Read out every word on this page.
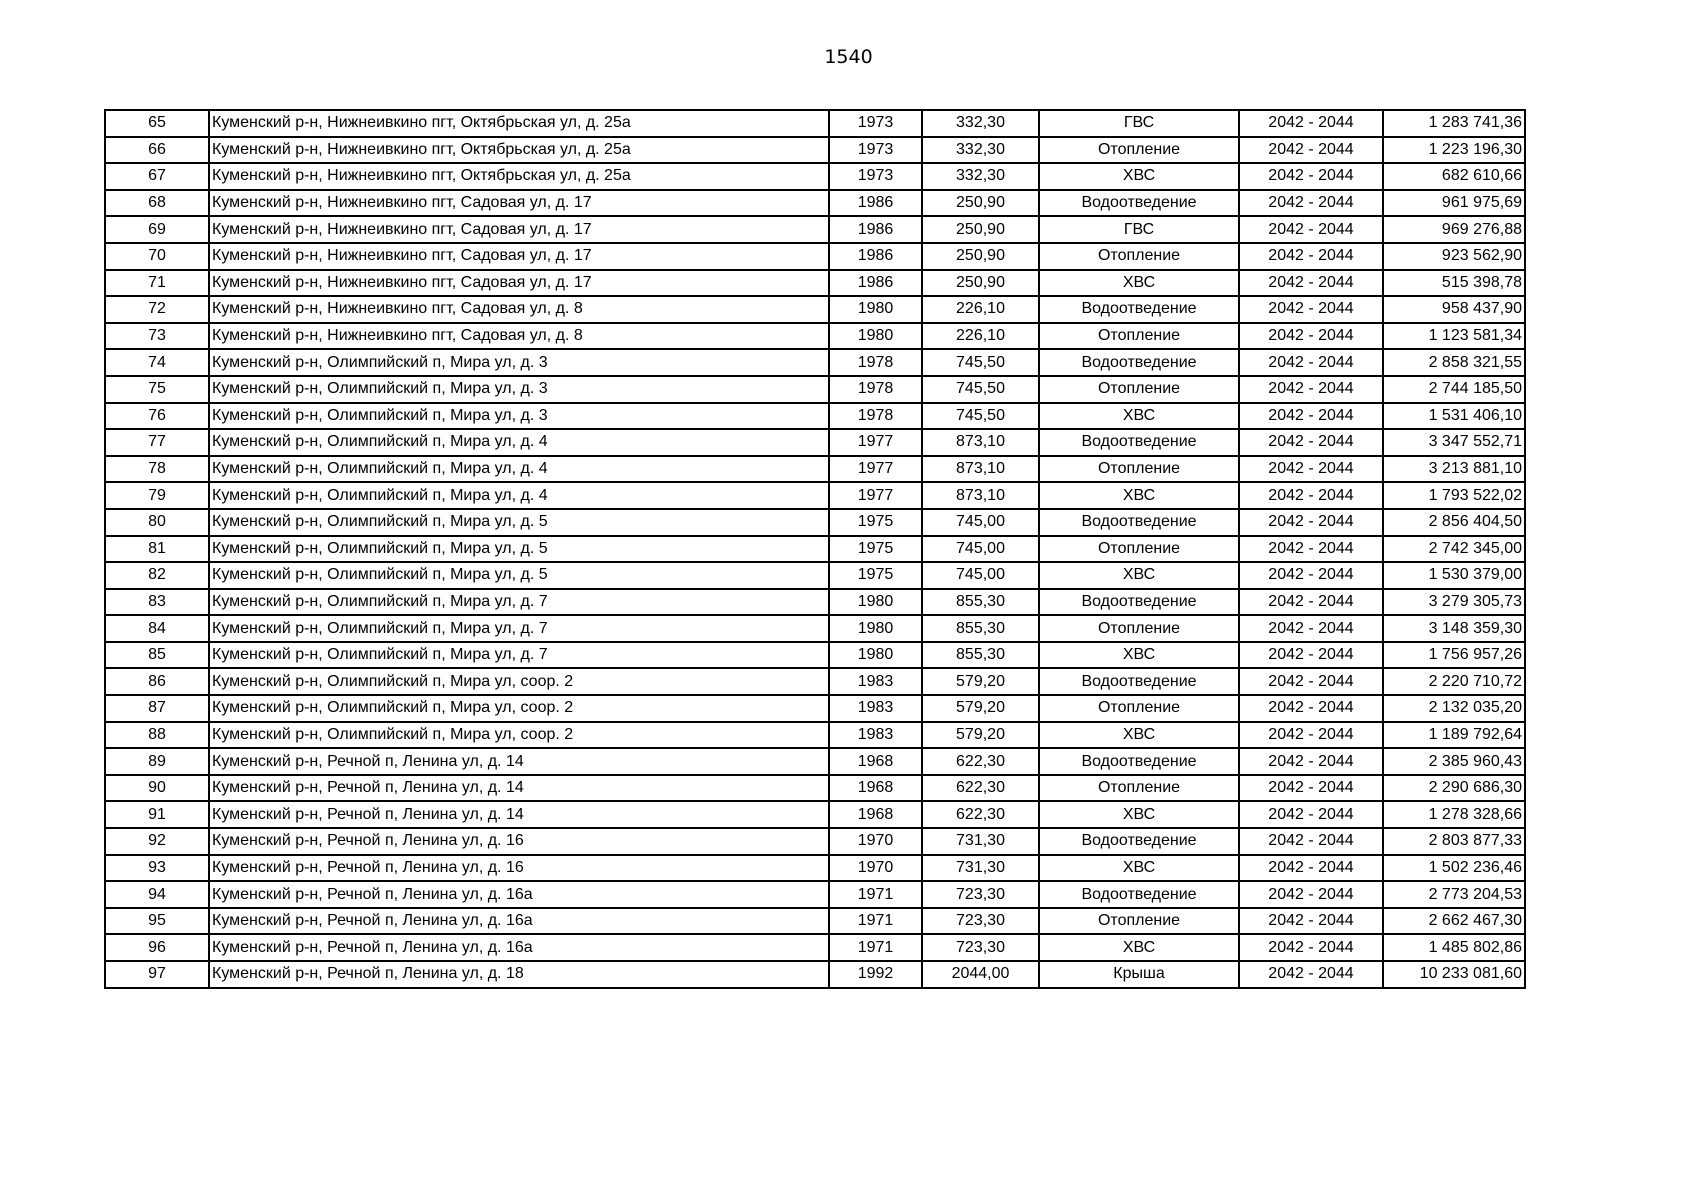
1540
65	Куменский р-н, Нижнеивкино пгт, Октябрьская ул, д. 25а	1973	332,30	ГВС	2042 - 2044	1 283 741,36
66	Куменский р-н, Нижнеивкино пгт, Октябрьская ул, д. 25а	1973	332,30	Отопление	2042 - 2044	1 223 196,30
67	Куменский р-н, Нижнеивкино пгт, Октябрьская ул, д. 25а	1973	332,30	ХВС	2042 - 2044	682 610,66
68	Куменский р-н, Нижнеивкино пгт, Садовая ул, д. 17	1986	250,90	Водоотведение	2042 - 2044	961 975,69
69	Куменский р-н, Нижнеивкино пгт, Садовая ул, д. 17	1986	250,90	ГВС	2042 - 2044	969 276,88
70	Куменский р-н, Нижнеивкино пгт, Садовая ул, д. 17	1986	250,90	Отопление	2042 - 2044	923 562,90
71	Куменский р-н, Нижнеивкино пгт, Садовая ул, д. 17	1986	250,90	ХВС	2042 - 2044	515 398,78
72	Куменский р-н, Нижнеивкино пгт, Садовая ул, д. 8	1980	226,10	Водоотведение	2042 - 2044	958 437,90
73	Куменский р-н, Нижнеивкино пгт, Садовая ул, д. 8	1980	226,10	Отопление	2042 - 2044	1 123 581,34
74	Куменский р-н, Олимпийский п, Мира ул, д. 3	1978	745,50	Водоотведение	2042 - 2044	2 858 321,55
75	Куменский р-н, Олимпийский п, Мира ул, д. 3	1978	745,50	Отопление	2042 - 2044	2 744 185,50
76	Куменский р-н, Олимпийский п, Мира ул, д. 3	1978	745,50	ХВС	2042 - 2044	1 531 406,10
77	Куменский р-н, Олимпийский п, Мира ул, д. 4	1977	873,10	Водоотведение	2042 - 2044	3 347 552,71
78	Куменский р-н, Олимпийский п, Мира ул, д. 4	1977	873,10	Отопление	2042 - 2044	3 213 881,10
79	Куменский р-н, Олимпийский п, Мира ул, д. 4	1977	873,10	ХВС	2042 - 2044	1 793 522,02
80	Куменский р-н, Олимпийский п, Мира ул, д. 5	1975	745,00	Водоотведение	2042 - 2044	2 856 404,50
81	Куменский р-н, Олимпийский п, Мира ул, д. 5	1975	745,00	Отопление	2042 - 2044	2 742 345,00
82	Куменский р-н, Олимпийский п, Мира ул, д. 5	1975	745,00	ХВС	2042 - 2044	1 530 379,00
83	Куменский р-н, Олимпийский п, Мира ул, д. 7	1980	855,30	Водоотведение	2042 - 2044	3 279 305,73
84	Куменский р-н, Олимпийский п, Мира ул, д. 7	1980	855,30	Отопление	2042 - 2044	3 148 359,30
85	Куменский р-н, Олимпийский п, Мира ул, д. 7	1980	855,30	ХВС	2042 - 2044	1 756 957,26
86	Куменский р-н, Олимпийский п, Мира ул, соор. 2	1983	579,20	Водоотведение	2042 - 2044	2 220 710,72
87	Куменский р-н, Олимпийский п, Мира ул, соор. 2	1983	579,20	Отопление	2042 - 2044	2 132 035,20
88	Куменский р-н, Олимпийский п, Мира ул, соор. 2	1983	579,20	ХВС	2042 - 2044	1 189 792,64
89	Куменский р-н, Речной п, Ленина ул, д. 14	1968	622,30	Водоотведение	2042 - 2044	2 385 960,43
90	Куменский р-н, Речной п, Ленина ул, д. 14	1968	622,30	Отопление	2042 - 2044	2 290 686,30
91	Куменский р-н, Речной п, Ленина ул, д. 14	1968	622,30	ХВС	2042 - 2044	1 278 328,66
92	Куменский р-н, Речной п, Ленина ул, д. 16	1970	731,30	Водоотведение	2042 - 2044	2 803 877,33
93	Куменский р-н, Речной п, Ленина ул, д. 16	1970	731,30	ХВС	2042 - 2044	1 502 236,46
94	Куменский р-н, Речной п, Ленина ул, д. 16а	1971	723,30	Водоотведение	2042 - 2044	2 773 204,53
95	Куменский р-н, Речной п, Ленина ул, д. 16а	1971	723,30	Отопление	2042 - 2044	2 662 467,30
96	Куменский р-н, Речной п, Ленина ул, д. 16а	1971	723,30	ХВС	2042 - 2044	1 485 802,86
97	Куменский р-н, Речной п, Ленина ул, д. 18	1992	2044,00	Крыша	2042 - 2044	10 233 081,60
